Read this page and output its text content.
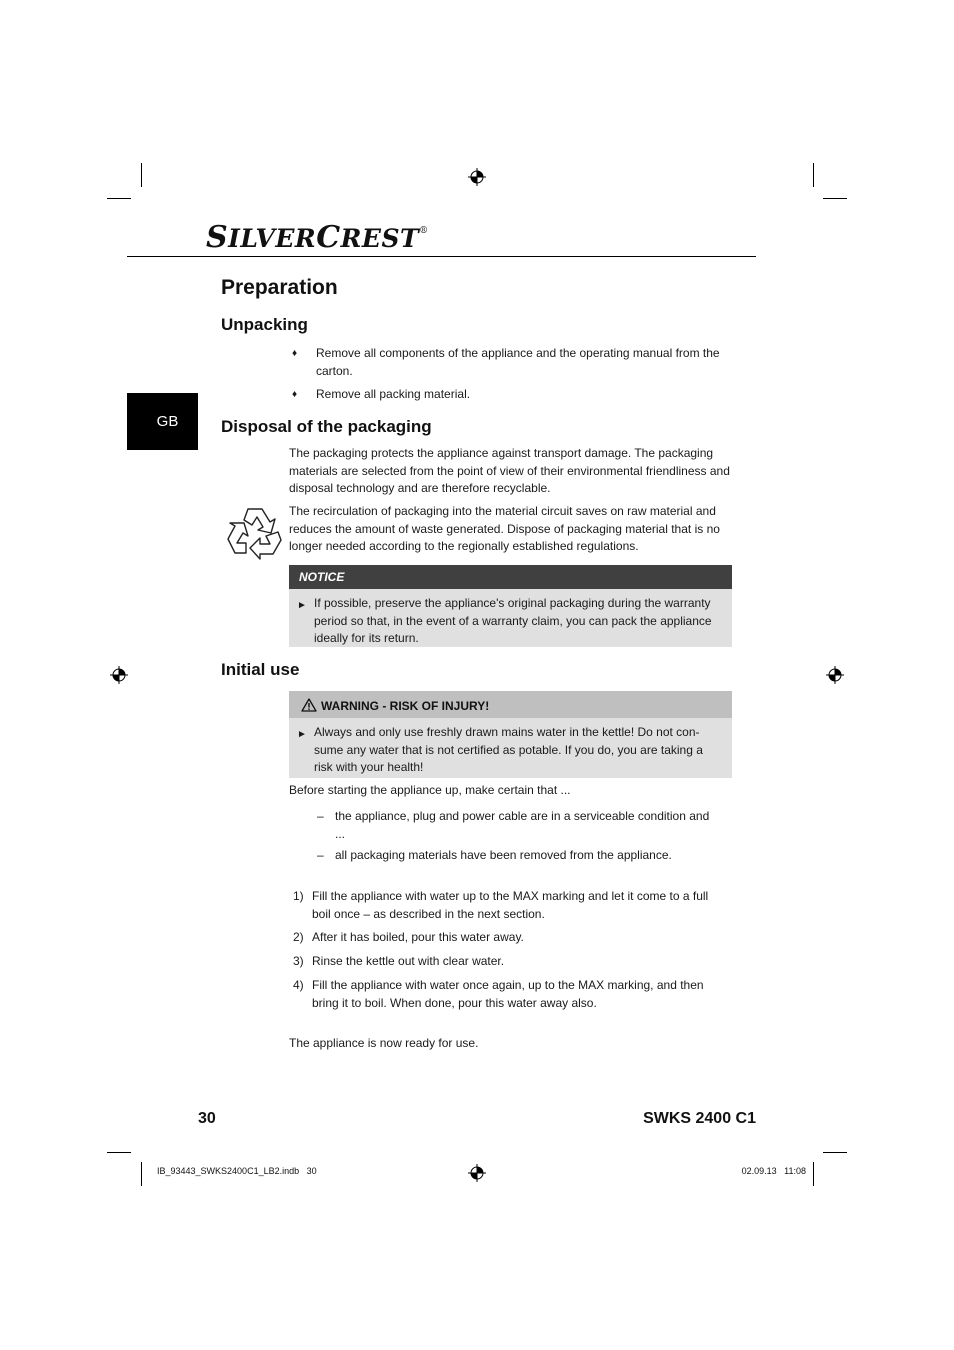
SILVERCREST®
GB
Preparation
Unpacking
♦ Remove all components of the appliance and the operating manual from the carton.
♦ Remove all packing material.
Disposal of the packaging
The packaging protects the appliance against transport damage. The packaging materials are selected from the point of view of their environmental friendliness and disposal technology and are therefore recyclable.
The recirculation of packaging into the material circuit saves on raw material and reduces the amount of waste generated. Dispose of packaging material that is no longer needed according to the regionally established regulations.
NOTICE
► If possible, preserve the appliance's original packaging during the warranty period so that, in the event of a warranty claim, you can pack the appliance ideally for its return.
Initial use
WARNING - RISK OF INJURY!
► Always and only use freshly drawn mains water in the kettle! Do not con-sume any water that is not certified as potable. If you do, you are taking a risk with your health!
Before starting the appliance up, make certain that ...
– the appliance, plug and power cable are in a serviceable condition and ...
– all packaging materials have been removed from the appliance.
1) Fill the appliance with water up to the MAX marking and let it come to a full boil once – as described in the next section.
2) After it has boiled, pour this water away.
3) Rinse the kettle out with clear water.
4) Fill the appliance with water once again, up to the MAX marking, and then bring it to boil. When done, pour this water away also.
The appliance is now ready for use.
30	SWKS 2400 C1
IB_93443_SWKS2400C1_LB2.indb   30	02.09.13   11:08
